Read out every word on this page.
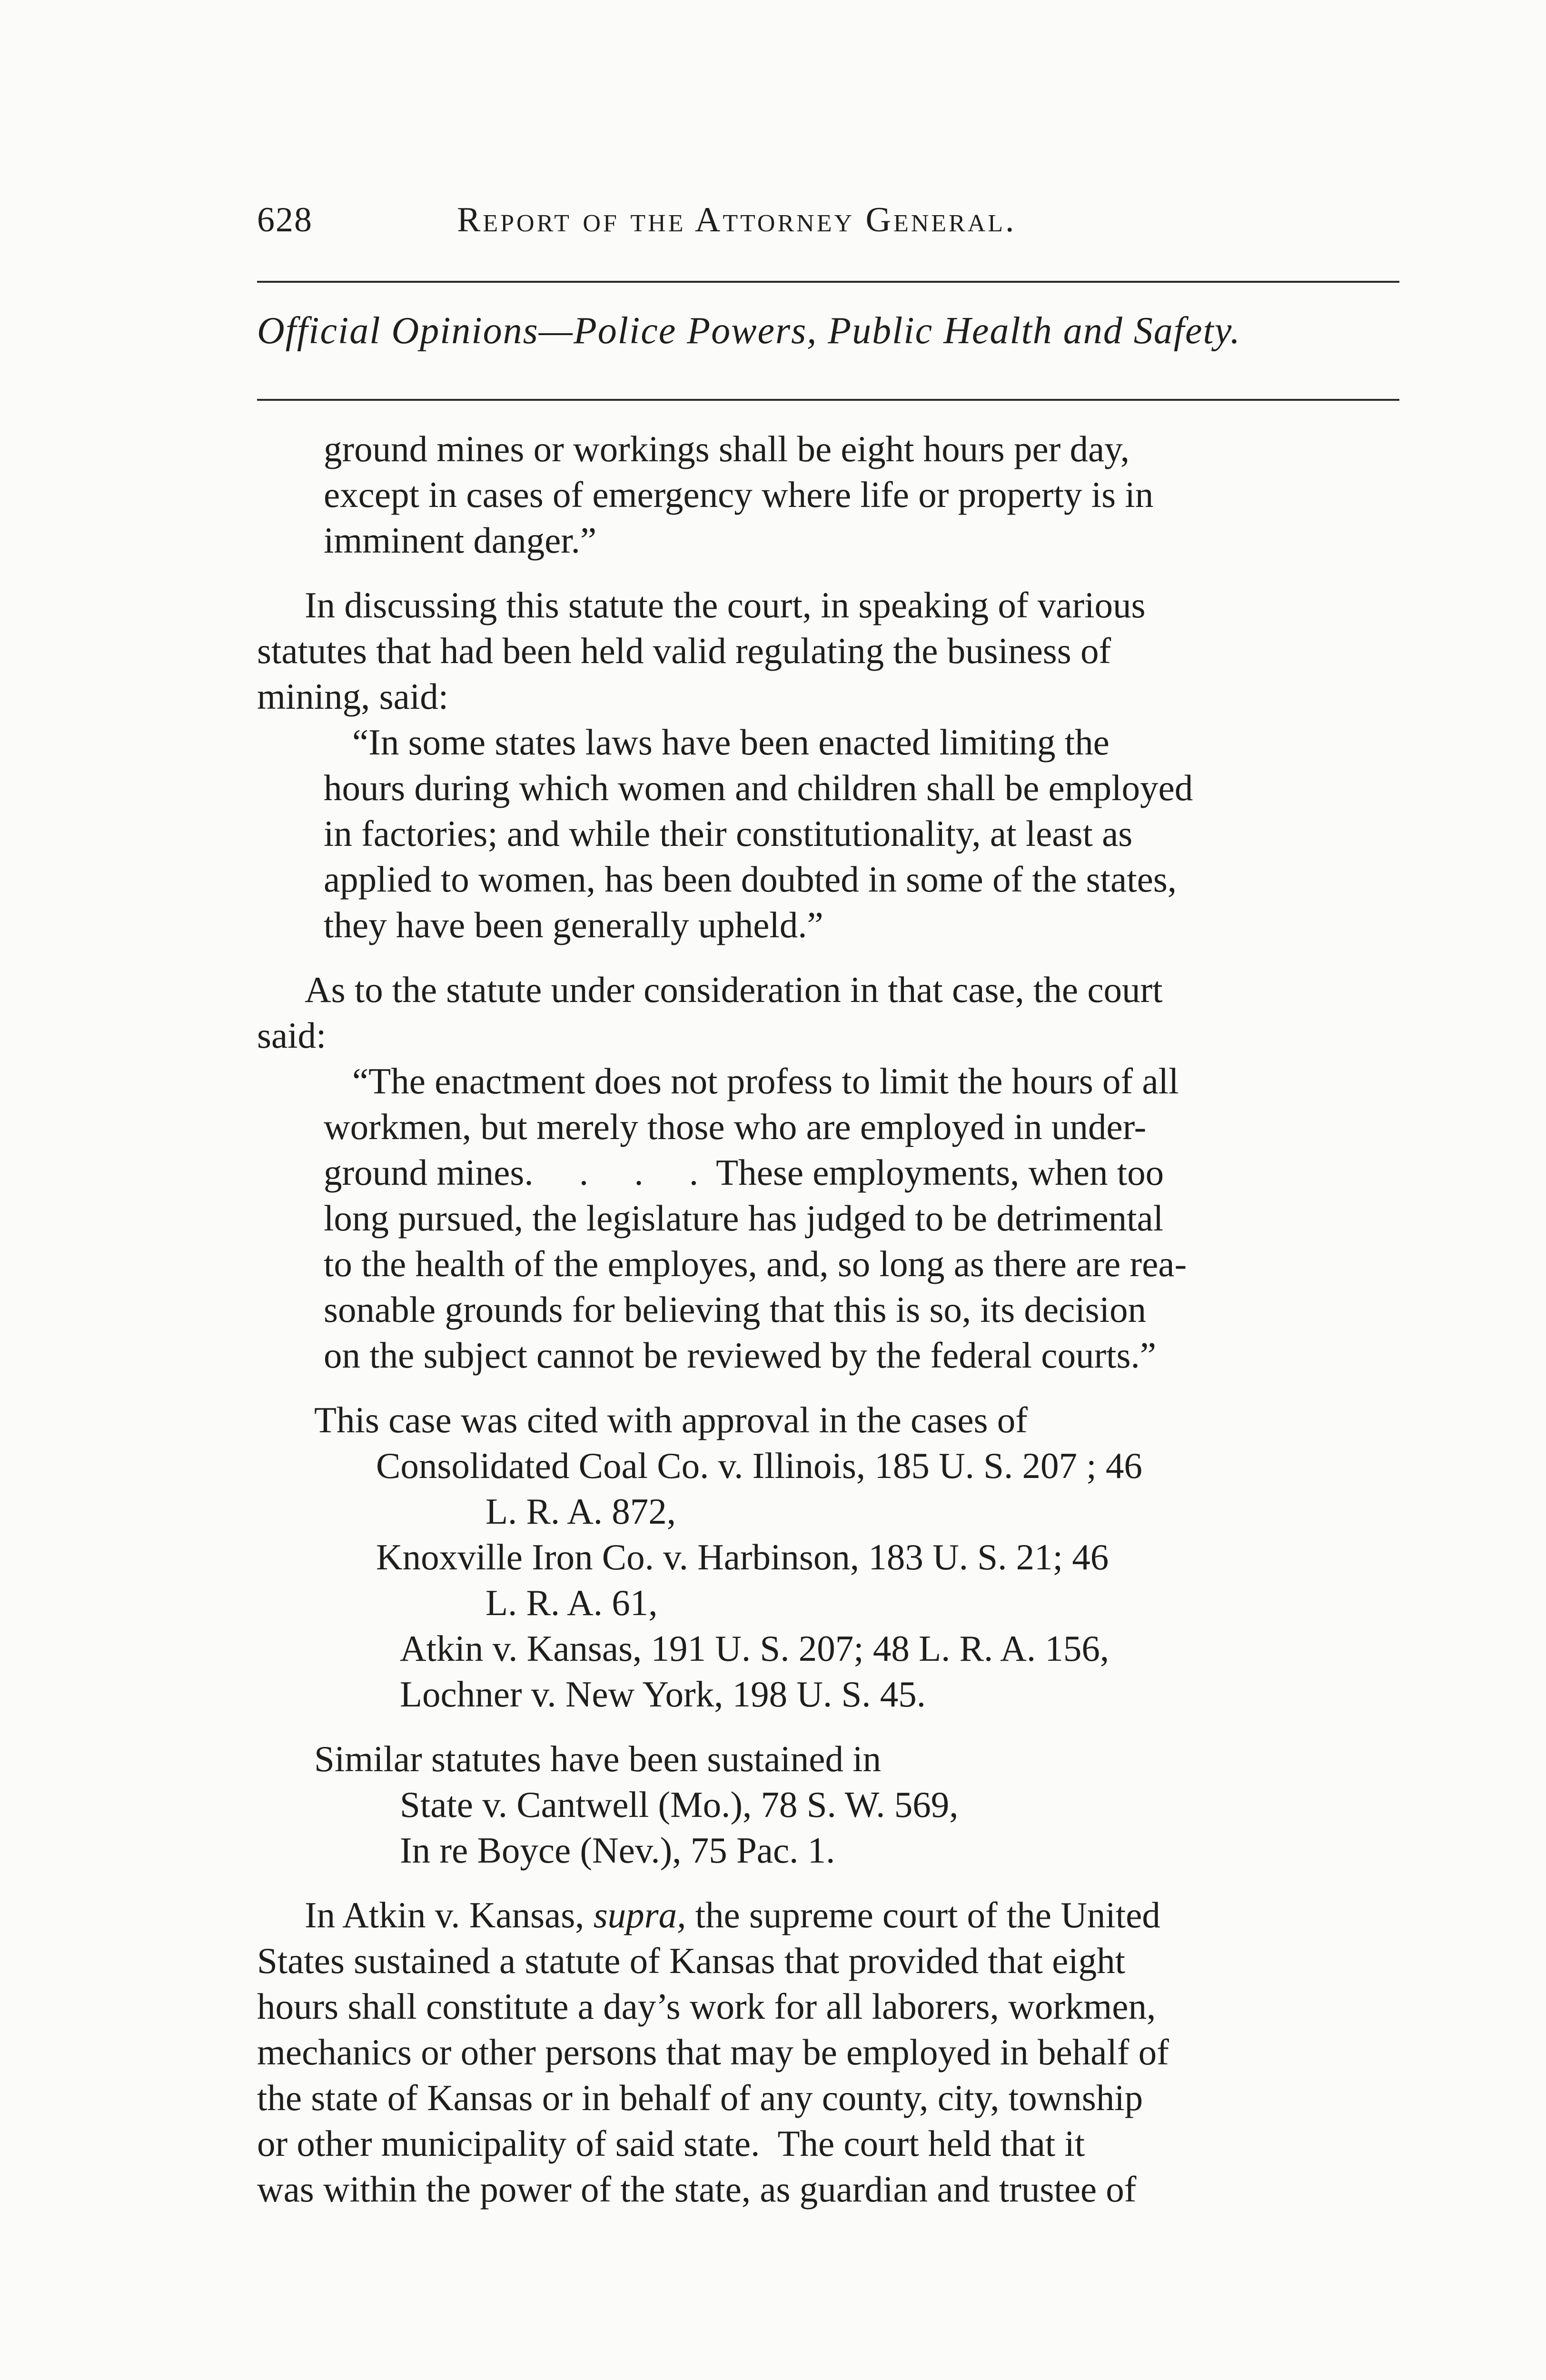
628	Report of the Attorney General.
Official Opinions—Police Powers, Public Health and Safety.
ground mines or workings shall be eight hours per day,
except in cases of emergency where life or property is in
imminent danger.”
In discussing this statute the court, in speaking of various
statutes that had been held valid regulating the business of
mining, said:
“In some states laws have been enacted limiting the
hours during which women and children shall be employed
in factories; and while their constitutionality, at least as
applied to women, has been doubted in some of the states,
they have been generally upheld.”
As to the statute under consideration in that case, the court
said:
“The enactment does not profess to limit the hours of all
workmen, but merely those who are employed in under-
ground mines.     .     .     .  These employments, when too
long pursued, the legislature has judged to be detrimental
to the health of the employes, and, so long as there are rea-
sonable grounds for believing that this is so, its decision
on the subject cannot be reviewed by the federal courts.”
This case was cited with approval in the cases of
Consolidated Coal Co. v. Illinois, 185 U. S. 207 ; 46
L. R. A. 872,
Knoxville Iron Co. v. Harbinson, 183 U. S. 21; 46
L. R. A. 61,
Atkin v. Kansas, 191 U. S. 207; 48 L. R. A. 156,
Lochner v. New York, 198 U. S. 45.
Similar statutes have been sustained in
State v. Cantwell (Mo.), 78 S. W. 569,
In re Boyce (Nev.), 75 Pac. 1.
In Atkin v. Kansas, supra, the supreme court of the United
States sustained a statute of Kansas that provided that eight
hours shall constitute a day’s work for all laborers, workmen,
mechanics or other persons that may be employed in behalf of
the state of Kansas or in behalf of any county, city, township
or other municipality of said state.  The court held that it
was within the power of the state, as guardian and trustee of
